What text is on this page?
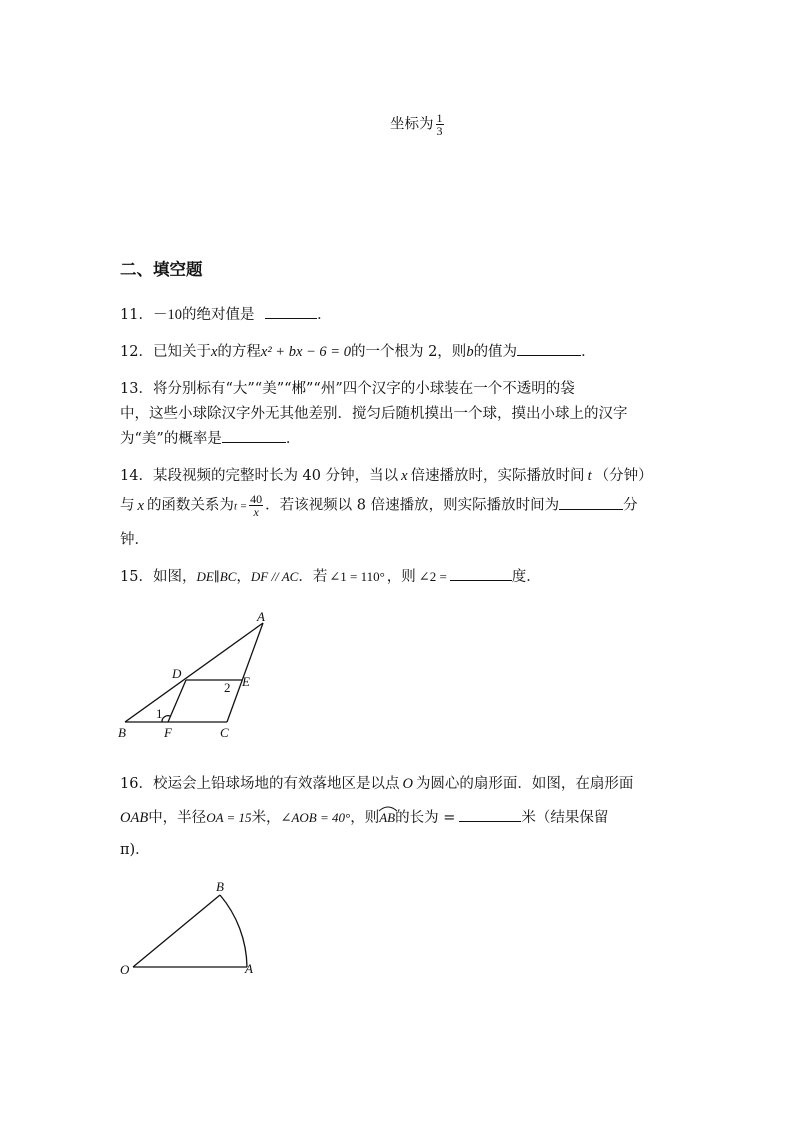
坐标为 $\frac{1}{3}$
二、填空题
11．－10的绝对值是	．
12．已知关于x的方程x² + bx − 6 = 0的一个根为 2，则b的值为	．
13．将分别标有“大”“美”“郴”“州”四个汉字的小球装在一个不透明的袋
中，这些小球除汉字外无其他差别．搅匀后随机摸出一个球，摸出小球上的汉字
为“美”的概率是	．
14．某段视频的完整时长为 40 分钟，当以 x 倍速播放时，实际播放时间 t （分钟）
与 x 的函数关系为$t = \frac{40}{x}$ ．若该视频以 8 倍速播放，则实际播放时间为	分
钟．
15．如图，DE∥BC，DF // AC．若 ∠1 = 110° ，则 ∠2 =	度．
A
D
E
2
1
B	F	C
16．校运会上铅球场地的有效落地区是以点 O 为圆心的扇形面．如图，在扇形面
OAB中，半径OA = 15米，∠AOB = 40°，则
AB的长为 =	米（结果保留
π)．
O	A
B
